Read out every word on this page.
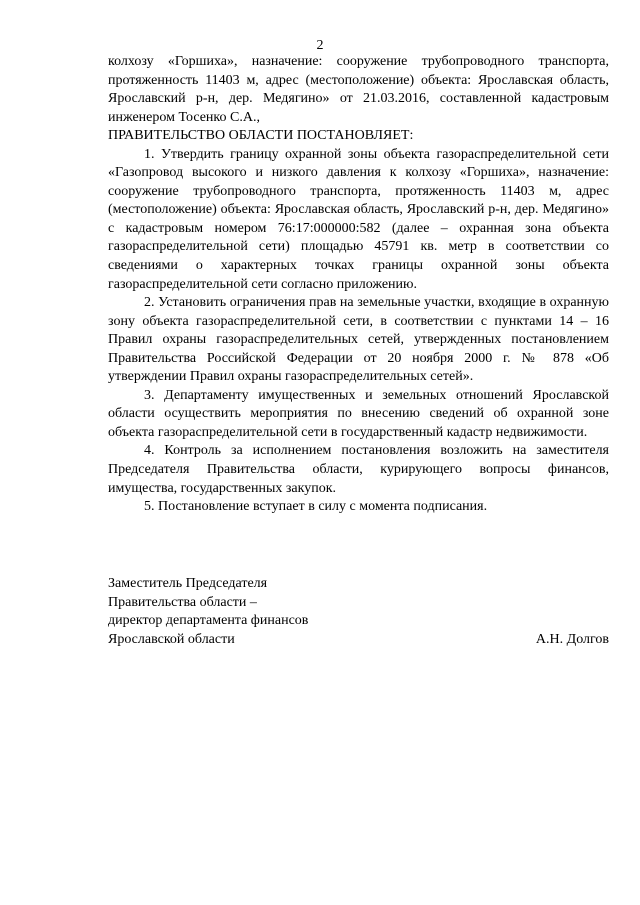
2

колхозу «Горшиха», назначение: сооружение трубопроводного транспорта, протяженность 11403 м, адрес (местоположение) объекта: Ярославская область, Ярославский р-н, дер. Медягино» от 21.03.2016, составленной кадастровым инженером Тосенко С.А.,

ПРАВИТЕЛЬСТВО ОБЛАСТИ ПОСТАНОВЛЯЕТ:

1. Утвердить границу охранной зоны объекта газораспределительной сети «Газопровод высокого и низкого давления к колхозу «Горшиха», назначение: сооружение трубопроводного транспорта, протяженность 11403 м, адрес (местоположение) объекта: Ярославская область, Ярославский р-н, дер. Медягино» с кадастровым номером 76:17:000000:582 (далее – охранная зона объекта газораспределительной сети) площадью 45791 кв. метр в соответствии со сведениями о характерных точках границы охранной зоны объекта газораспределительной сети согласно приложению.

2. Установить ограничения прав на земельные участки, входящие в охранную зону объекта газораспределительной сети, в соответствии с пунктами 14 – 16 Правил охраны газораспределительных сетей, утвержденных постановлением Правительства Российской Федерации от 20 ноября 2000 г. № 878 «Об утверждении Правил охраны газораспределительных сетей».

3. Департаменту имущественных и земельных отношений Ярославской области осуществить мероприятия по внесению сведений об охранной зоне объекта газораспределительной сети в государственный кадастр недвижимости.

4. Контроль за исполнением постановления возложить на заместителя Председателя Правительства области, курирующего вопросы финансов, имущества, государственных закупок.

5. Постановление вступает в силу с момента подписания.

Заместитель Председателя
Правительства области –
директор департамента финансов
Ярославской области	А.Н. Долгов
